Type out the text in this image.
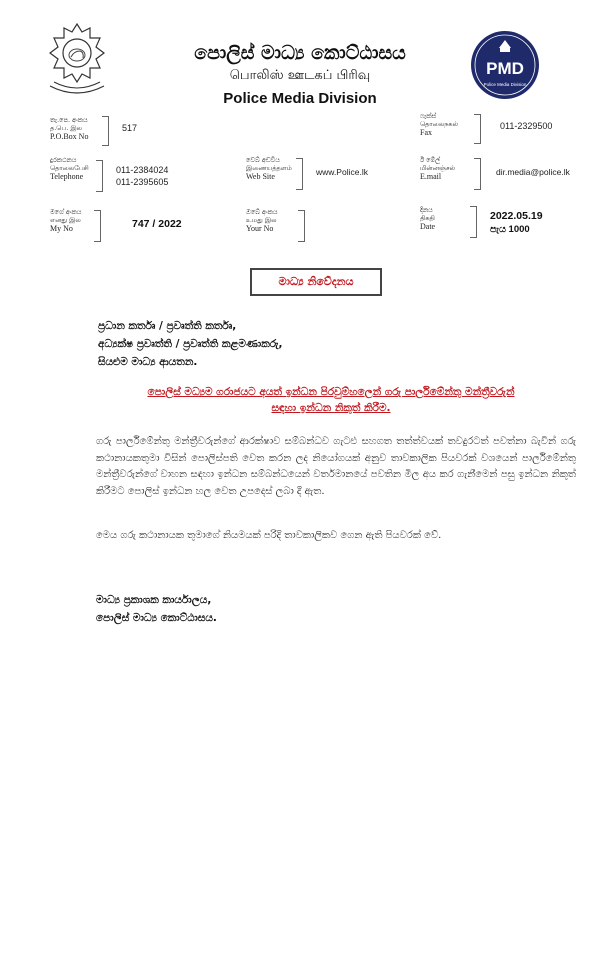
පොලිස් මාධ්‍ය කොට්ඨාසය
பொலிஸ் ஊடகப் பிரிவு
Police Media Division
PMD
Police Media Division
තැ.පෙ. අංකය
த.பெ. இல
P.O.Box No
517
ෆැක්ස්
தொலைநகல்
Fax
011-2329500
දුරකථනය
தொலைபேசி
Telephone
011-2384024
011-2395605
වෙබ් අඩවිය
இணையத்தளம்
Web Site	www.Police.lk
ඊ මේල්
மின்னஞ்சல்
E.mail	dir.media@police.lk
මගේ අංකය
எனது இல
My No	747 / 2022
ඔබේ අංකය
உமது இல
Your No
දිනය
திகதி
Date
2022.05.19
පැය 1000
මාධ්‍ය නිවේදනය
ප්‍රධාන කර්තෘ / ප්‍රවෘත්ති කර්තෘ,
අධ්‍යක්ෂ ප්‍රවෘත්ති / ප්‍රවෘත්ති කළමණාකරු,
සියළුම මාධ්‍ය ආයතන.
පොලිස් මධ්‍යම ගරාජයට අයත් ඉන්ධන පිරවුම්හලෙන් ගරු පාර්ලිමේන්තු මන්ත්‍රීවරුන්
සඳහා ඉන්ධන නිකුත් කිරීම.
ගරු පාර්ලිමේන්තු මන්ත්‍රීවරුන්ගේ ආරක්ෂාව සම්බන්ධව ගැටළු සහගත තත්ත්වයක් තවදුරටත් පවත්නා බැවින් ගරු කථානායකතුමා විසින් පොලිස්පති වෙත කරන ලද නියෝගයක් අනුව තාවකාලික පියවරක් වශයෙන් පාර්ලිමේන්තු මන්ත්‍රීවරුන්ගේ වාහන සඳහා ඉන්ධන සම්බන්ධයෙන් වර්තමානයේ පවතින මිල අය කර ගැනීමෙන් පසු ඉන්ධන නිකුත් කිරීමට පොලිස් ඉන්ධන හල වෙත උපදෙස් ලබා දී ඇත.
මෙය ගරු කථානායක තුමාගේ නියමයක් පරිදි තාවකාලිකව ගෙන ඇති පියවරක් වේ.
මාධ්‍ය ප්‍රකාශක කාර්යාලය,
පොලිස් මාධ්‍ය කොට්ඨාසය.
